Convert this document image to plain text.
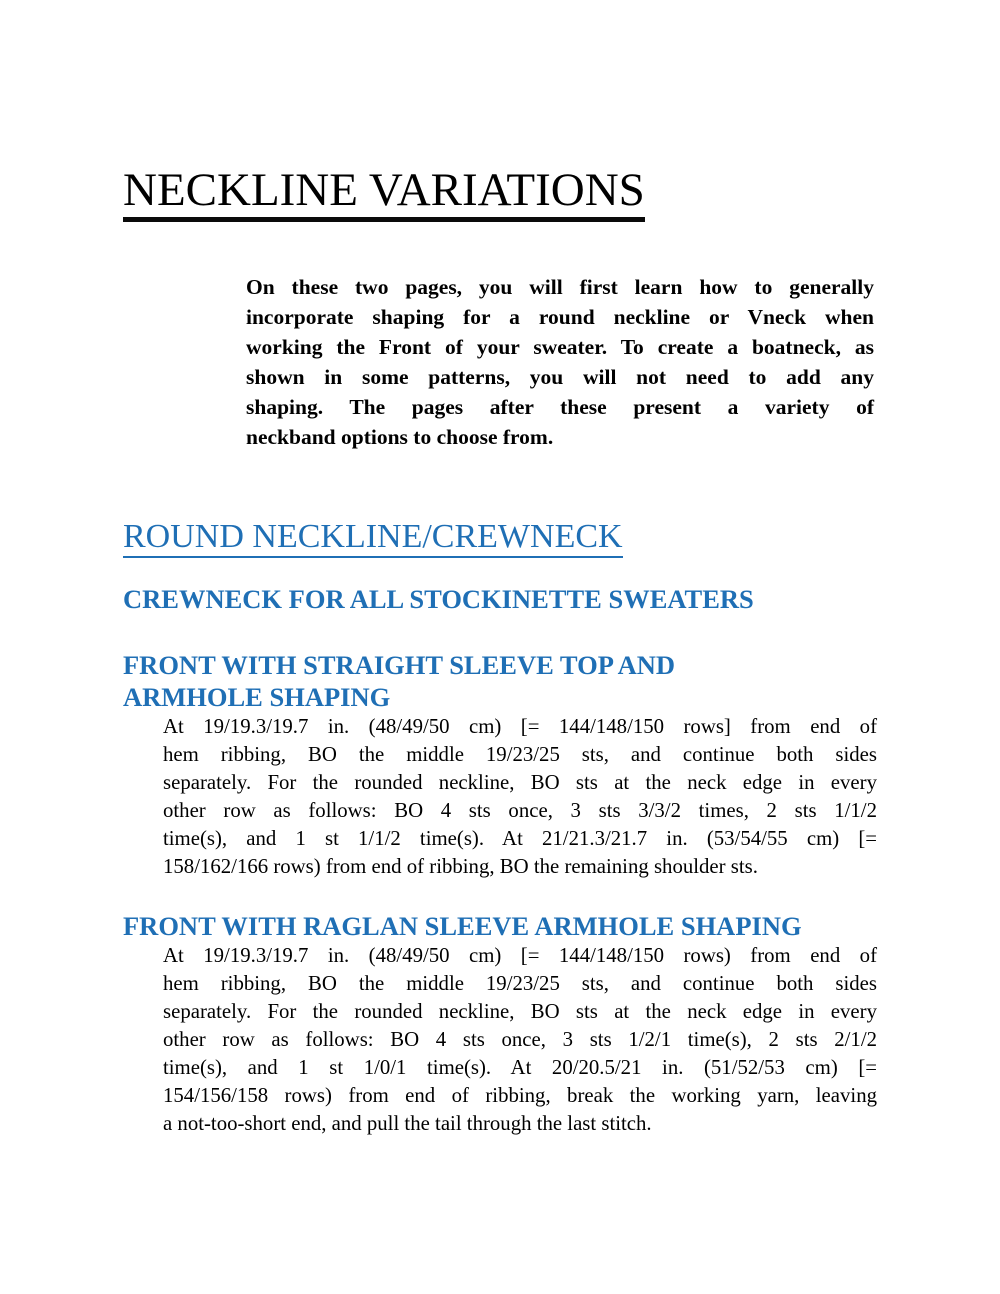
NECKLINE VARIATIONS
On these two pages, you will first learn how to generally
incorporate shaping for a round neckline or Vneck when
working the Front of your sweater. To create a boatneck, as
shown in some patterns, you will not need to add any
shaping. The pages after these present a variety of
neckband options to choose from.
ROUND NECKLINE/CREWNECK
CREWNECK FOR ALL STOCKINETTE SWEATERS
FRONT WITH STRAIGHT SLEEVE TOP AND
ARMHOLE SHAPING
At 19/19.3/19.7 in. (48/49/50 cm) [= 144/148/150 rows] from end of
hem ribbing, BO the middle 19/23/25 sts, and continue both sides
separately. For the rounded neckline, BO sts at the neck edge in every
other row as follows: BO 4 sts once, 3 sts 3/3/2 times, 2 sts 1/1/2
time(s), and 1 st 1/1/2 time(s). At 21/21.3/21.7 in. (53/54/55 cm) [=
158/162/166 rows) from end of ribbing, BO the remaining shoulder sts.
FRONT WITH RAGLAN SLEEVE ARMHOLE SHAPING
At 19/19.3/19.7 in. (48/49/50 cm) [= 144/148/150 rows) from end of
hem ribbing, BO the middle 19/23/25 sts, and continue both sides
separately. For the rounded neckline, BO sts at the neck edge in every
other row as follows: BO 4 sts once, 3 sts 1/2/1 time(s), 2 sts 2/1/2
time(s), and 1 st 1/0/1 time(s). At 20/20.5/21 in. (51/52/53 cm) [=
154/156/158 rows) from end of ribbing, break the working yarn, leaving
a not-too-short end, and pull the tail through the last stitch.
